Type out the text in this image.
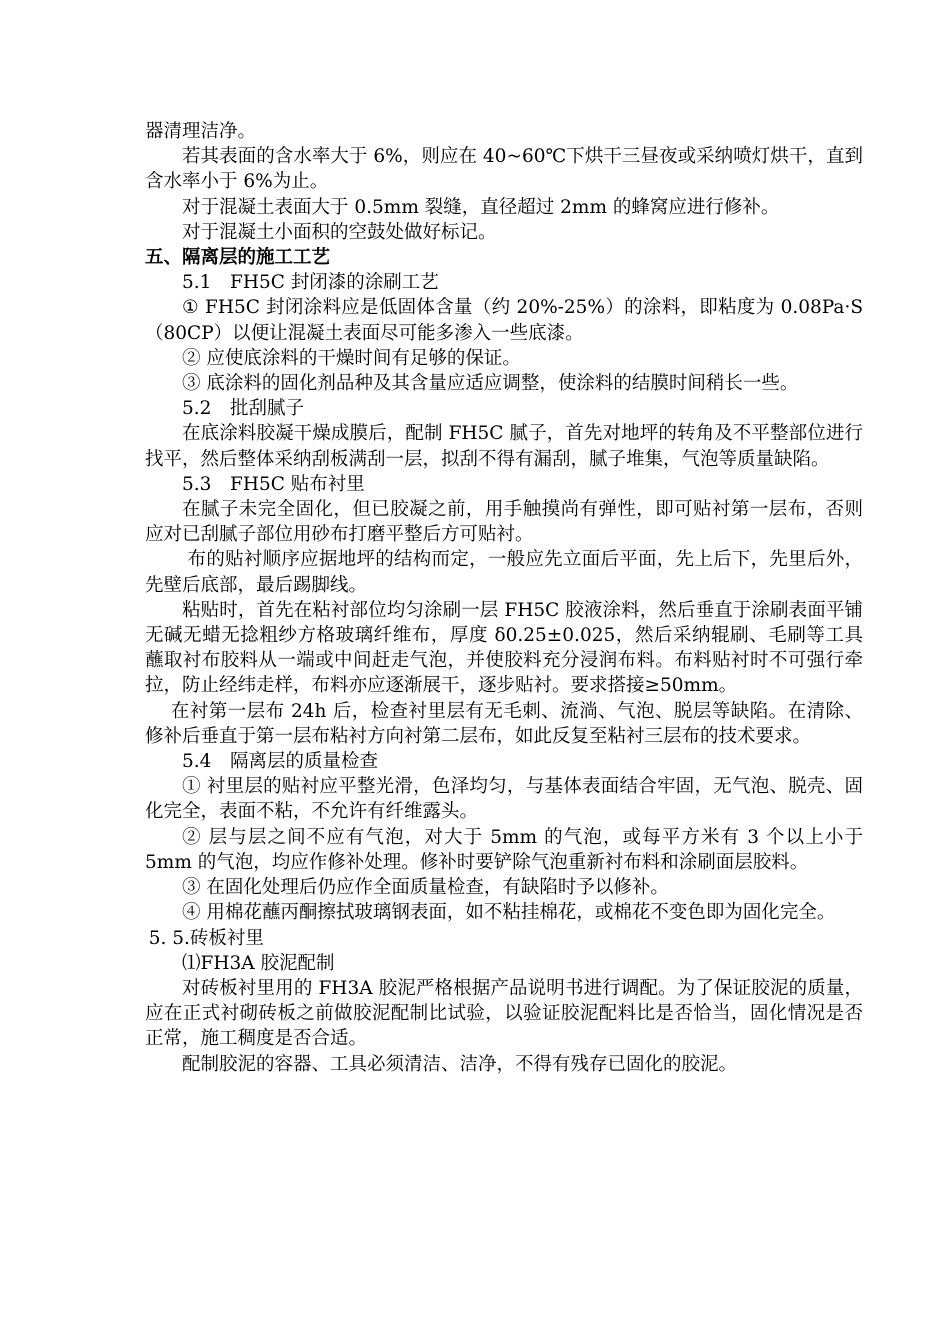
器清理洁净。

若其表面的含水率大于 6%，则应在 40~60℃下烘干三昼夜或采纳喷灯烘干，直到含水率小于 6%为止。

对于混凝土表面大于 0.5mm 裂缝，直径超过 2mm 的蜂窝应进行修补。

对于混凝土小面积的空鼓处做好标记。

五、隔离层的施工工艺

5.1 FH5C 封闭漆的涂刷工艺

① FH5C 封闭涂料应是低固体含量（约 20%-25%）的涂料，即粘度为 0.08Pa·S（80CP）以便让混凝土表面尽可能多渗入一些底漆。

② 应使底涂料的干燥时间有足够的保证。

③ 底涂料的固化剂品种及其含量应适应调整，使涂料的结膜时间稍长一些。

5.2 批刮腻子

在底涂料胶凝干燥成膜后，配制 FH5C 腻子，首先对地坪的转角及不平整部位进行找平，然后整体采纳刮板满刮一层，拟刮不得有漏刮，腻子堆集，气泡等质量缺陷。

5.3 FH5C 贴布衬里

在腻子未完全固化，但已胶凝之前，用手触摸尚有弹性，即可贴衬第一层布，否则应对已刮腻子部位用砂布打磨平整后方可贴衬。

布的贴衬顺序应据地坪的结构而定，一般应先立面后平面，先上后下，先里后外，先壁后底部，最后踢脚线。

粘贴时，首先在粘衬部位均匀涂刷一层 FH5C 胶液涂料，然后垂直于涂刷表面平铺无碱无蜡无捻粗纱方格玻璃纤维布，厚度 δ0.25±0.025，然后采纳辊刷、毛刷等工具蘸取衬布胶料从一端或中间赶走气泡，并使胶料充分浸润布料。布料贴衬时不可强行牵拉，防止经纬走样，布料亦应逐渐展干，逐步贴衬。要求搭接≥50mm。

在衬第一层布 24h 后，检查衬里层有无毛刺、流淌、气泡、脱层等缺陷。在清除、修补后垂直于第一层布粘衬方向衬第二层布，如此反复至粘衬三层布的技术要求。

5.4 隔离层的质量检查

① 衬里层的贴衬应平整光滑，色泽均匀，与基体表面结合牢固，无气泡、脱壳、固化完全，表面不粘，不允许有纤维露头。

② 层与层之间不应有气泡，对大于 5mm 的气泡，或每平方米有 3 个以上小于 5mm 的气泡，均应作修补处理。修补时要铲除气泡重新衬布料和涂刷面层胶料。

③ 在固化处理后仍应作全面质量检查，有缺陷时予以修补。

④ 用棉花蘸丙酮擦拭玻璃钢表面，如不粘挂棉花，或棉花不变色即为固化完全。

5. 5.砖板衬里

⑴FH3A 胶泥配制

对砖板衬里用的 FH3A 胶泥严格根据产品说明书进行调配。为了保证胶泥的质量，应在正式衬砌砖板之前做胶泥配制比试验，以验证胶泥配料比是否恰当，固化情况是否正常，施工稠度是否合适。

配制胶泥的容器、工具必须清洁、洁净，不得有残存已固化的胶泥。
